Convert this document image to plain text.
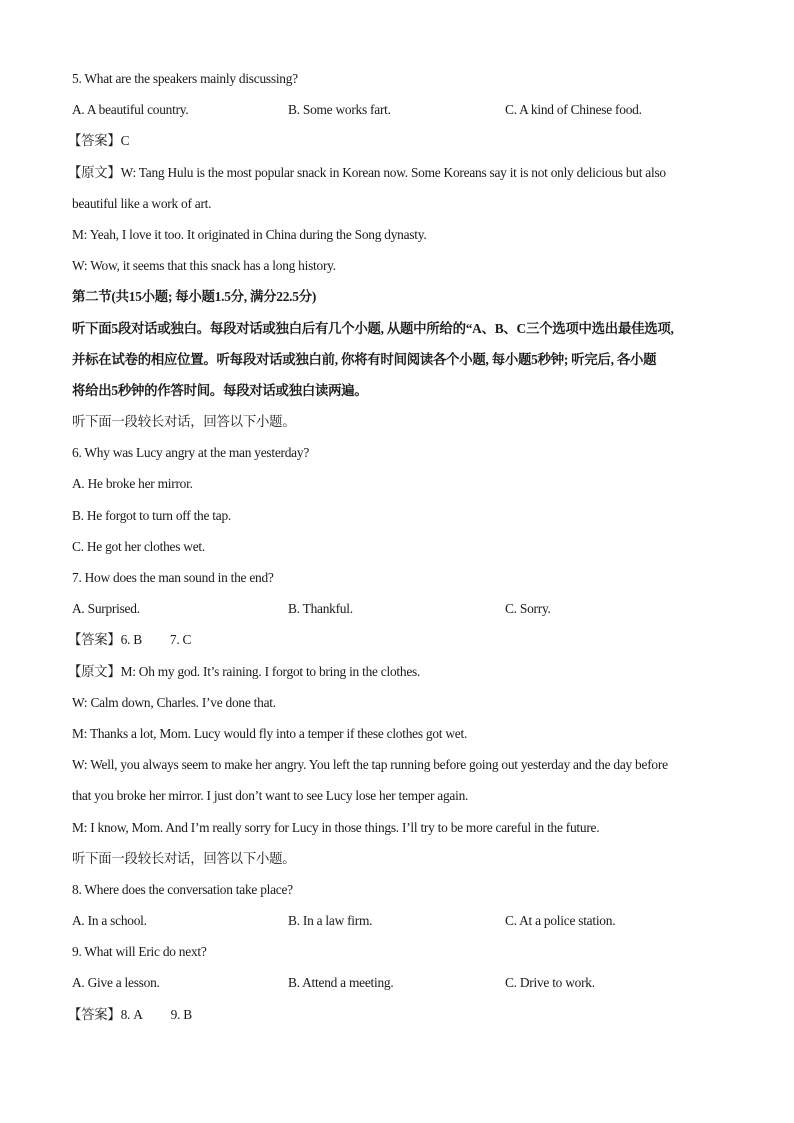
5. What are the speakers mainly discussing?
A. A beautiful country.	B. Some works fart.	C. A kind of Chinese food.
【答案】C
【原文】W: Tang Hulu is the most popular snack in Korean now. Some Koreans say it is not only delicious but also
beautiful like a work of art.
M: Yeah, I love it too. It originated in China during the Song dynasty.
W: Wow, it seems that this snack has a long history.
第二节(共15小题; 每小题1.5分, 满分22.5分)
听下面5段对话或独白。每段对话或独白后有几个小题, 从题中所给的“A、B、C三个选项中选出最佳选项,
并标在试卷的相应位置。听每段对话或独白前, 你将有时间阅读各个小题, 每小题5秒钟; 听完后, 各小题
将给出5秒钟的作答时间。每段对话或独白读两遍。
听下面一段较长对话，回答以下小题。
6. Why was Lucy angry at the man yesterday?
A. He broke her mirror.
B. He forgot to turn off the tap.
C. He got her clothes wet.
7. How does the man sound in the end?
A. Surprised.	B. Thankful.	C. Sorry.
【答案】6. B 7. C
【原文】M: Oh my god. It’s raining. I forgot to bring in the clothes.
W: Calm down, Charles. I’ve done that.
M: Thanks a lot, Mom. Lucy would fly into a temper if these clothes got wet.
W: Well, you always seem to make her angry. You left the tap running before going out yesterday and the day before
that you broke her mirror. I just don’t want to see Lucy lose her temper again.
M: I know, Mom. And I’m really sorry for Lucy in those things. I’ll try to be more careful in the future.
听下面一段较长对话，回答以下小题。
8. Where does the conversation take place?
A. In a school.	B. In a law firm.	C. At a police station.
9. What will Eric do next?
A. Give a lesson.	B. Attend a meeting.	C. Drive to work.
【答案】8. A 9. B
